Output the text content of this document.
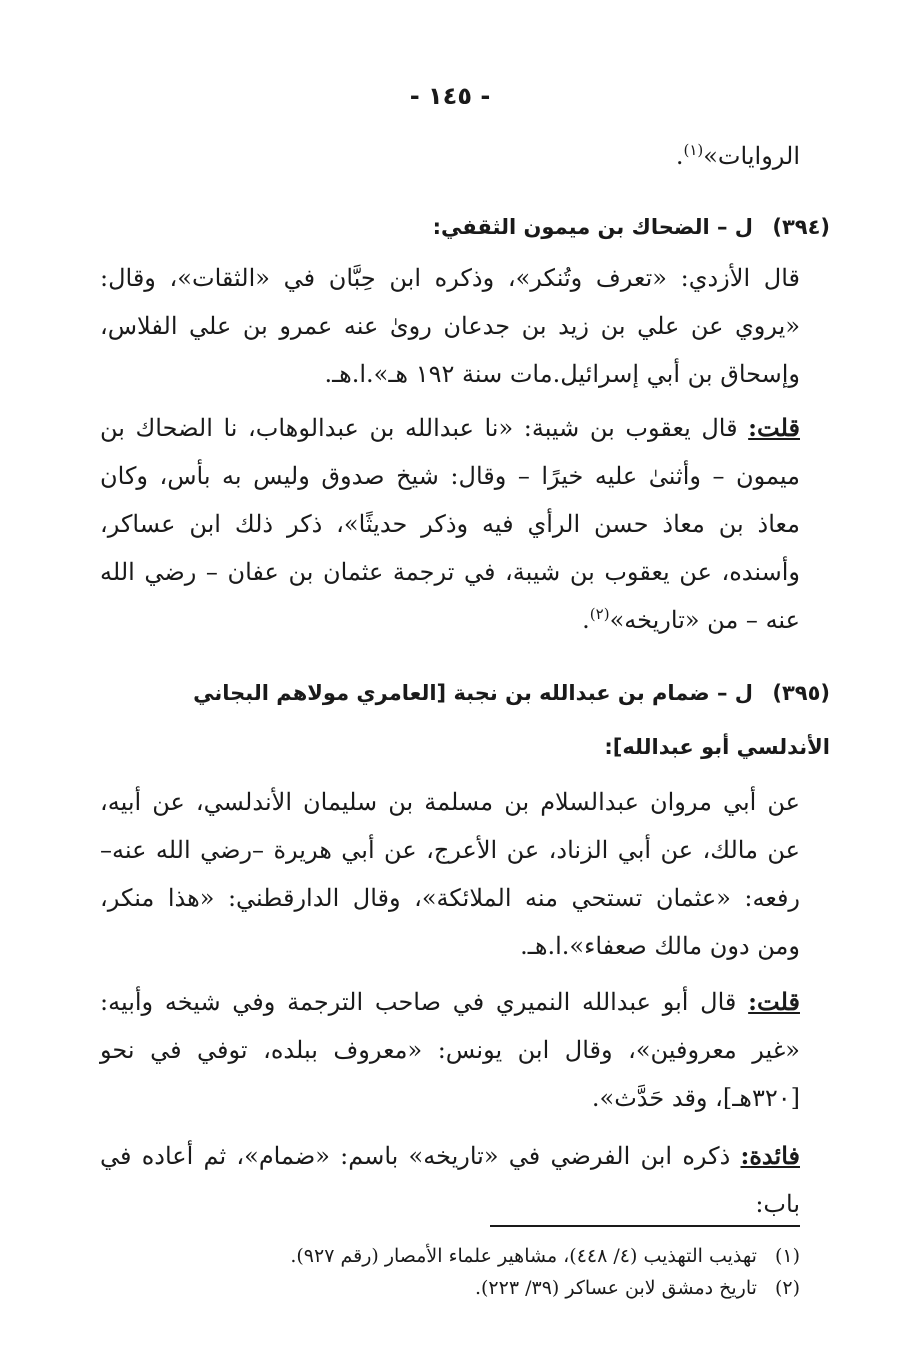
- ١٤٥ -
الروايات»$^{(١)}$.
(٣٩٤) ل – الضحاك بن ميمون الثقفي:
قال الأزدي: «تعرف وتُنكر»، وذكره ابن حِبَّان في «الثقات»، وقال: «يروي عن علي بن زيد بن جدعان روىٰ عنه عمرو بن علي الفلاس، وإسحاق بن أبي إسرائيل.مات سنة ١٩٢ هـ».ا.هـ.
قلت: قال يعقوب بن شيبة: «نا عبدالله بن عبدالوهاب، نا الضحاك بن ميمون – وأثنىٰ عليه خيرًا – وقال: شيخ صدوق وليس به بأس، وكان معاذ بن معاذ حسن الرأي فيه وذكر حديثًا»، ذكر ذلك ابن عساكر، وأسنده، عن يعقوب بن شيبة، في ترجمة عثمان بن عفان – رضي الله عنه – من «تاريخه»$^{(٢)}$.
(٣٩٥) ل – ضمام بن عبدالله بن نجبة [العامري مولاهم البجاني الأندلسي أبو عبدالله]:
عن أبي مروان عبدالسلام بن مسلمة بن سليمان الأندلسي، عن أبيه، عن مالك، عن أبي الزناد، عن الأعرج، عن أبي هريرة –رضي الله عنه– رفعه: «عثمان تستحي منه الملائكة»، وقال الدارقطني: «هذا منكر، ومن دون مالك صعفاء».ا.هـ.
قلت: قال أبو عبدالله النميري في صاحب الترجمة وفي شيخه وأبيه: «غير معروفين»، وقال ابن يونس: «معروف ببلده، توفي في نحو [٣٢٠هـ]، وقد حَدَّث».
فائدة: ذكره ابن الفرضي في «تاريخه» باسم: «ضمام»، ثم أعاده في باب:
(١)تهذيب التهذيب (٤/ ٤٤٨)، مشاهير علماء الأمصار (رقم ٩٢٧).
(٢)تاريخ دمشق لابن عساكر (٣٩/ ٢٢٣).
